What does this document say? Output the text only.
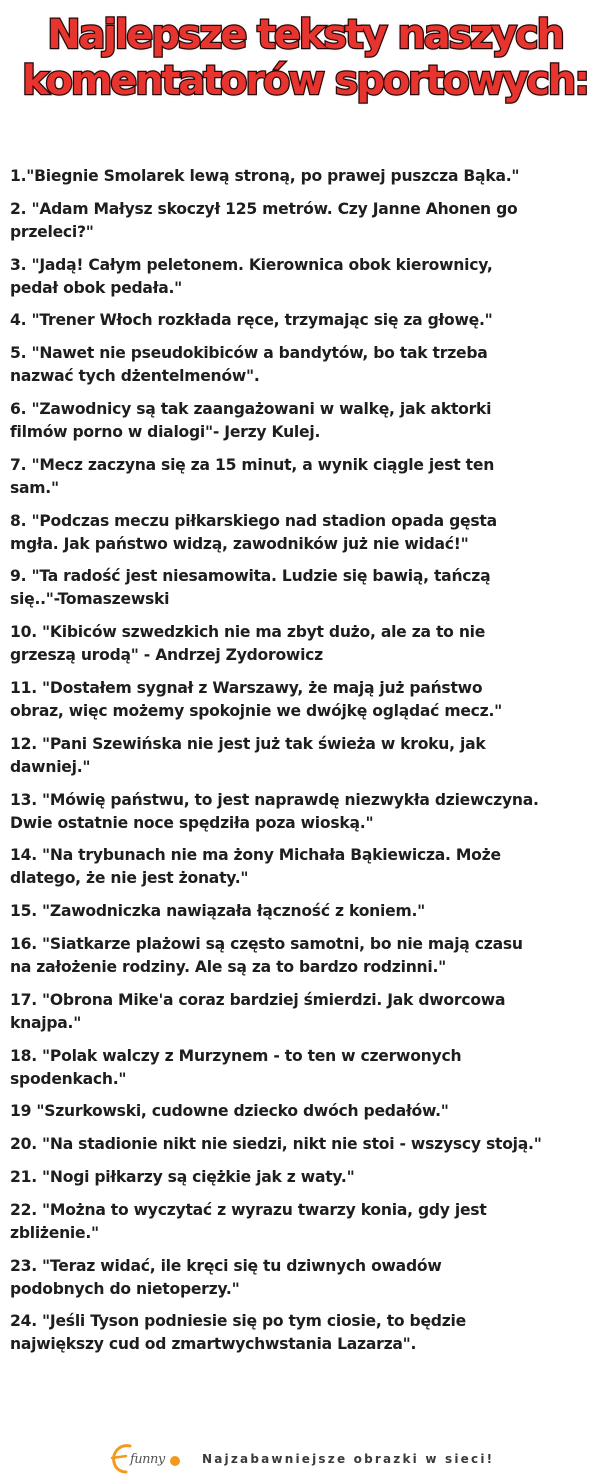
Najlepsze teksty naszych
komentatorów sportowych:

1."Biegnie Smolarek lewą stroną, po prawej puszcza Bąka."

2. "Adam Małysz skoczył 125 metrów. Czy Janne Ahonen go
przeleci?"

3. "Jadą! Całym peletonem. Kierownica obok kierownicy,
pedał obok pedała."

4. "Trener Włoch rozkłada ręce, trzymając się za głowę."

5. "Nawet nie pseudokibiców a bandytów, bo tak trzeba
nazwać tych dżentelmenów".

6. "Zawodnicy są tak zaangażowani w walkę, jak aktorki
filmów porno w dialogi"- Jerzy Kulej.

7. "Mecz zaczyna się za 15 minut, a wynik ciągle jest ten
sam."

8. "Podczas meczu piłkarskiego nad stadion opada gęsta
mgła. Jak państwo widzą, zawodników już nie widać!"

9. "Ta radość jest niesamowita. Ludzie się bawią, tańczą
się.."-Tomaszewski

10. "Kibiców szwedzkich nie ma zbyt dużo, ale za to nie
grzeszą urodą" - Andrzej Zydorowicz

11. "Dostałem sygnał z Warszawy, że mają już państwo
obraz, więc możemy spokojnie we dwójkę oglądać mecz."

12. "Pani Szewińska nie jest już tak świeża w kroku, jak
dawniej."

13. "Mówię państwu, to jest naprawdę niezwykła dziewczyna.
Dwie ostatnie noce spędziła poza wioską."

14. "Na trybunach nie ma żony Michała Bąkiewicza. Może
dlatego, że nie jest żonaty."

15. "Zawodniczka nawiązała łączność z koniem."

16. "Siatkarze plażowi są często samotni, bo nie mają czasu
na założenie rodziny. Ale są za to bardzo rodzinni."

17. "Obrona Mike'a coraz bardziej śmierdzi. Jak dworcowa
knajpa."

18. "Polak walczy z Murzynem - to ten w czerwonych
spodenkach."

19 "Szurkowski, cudowne dziecko dwóch pedałów."

20. "Na stadionie nikt nie siedzi, nikt nie stoi - wszyscy stoją."

21. "Nogi piłkarzy są ciężkie jak z waty."

22. "Można to wyczytać z wyrazu twarzy konia, gdy jest
zbliżenie."

23. "Teraz widać, ile kręci się tu dziwnych owadów
podobnych do nietoperzy."

24. "Jeśli Tyson podniesie się po tym ciosie, to będzie
największy cud od zmartwychwstania Lazarza".

funny	Najzabawniejsze obrazki w sieci!
